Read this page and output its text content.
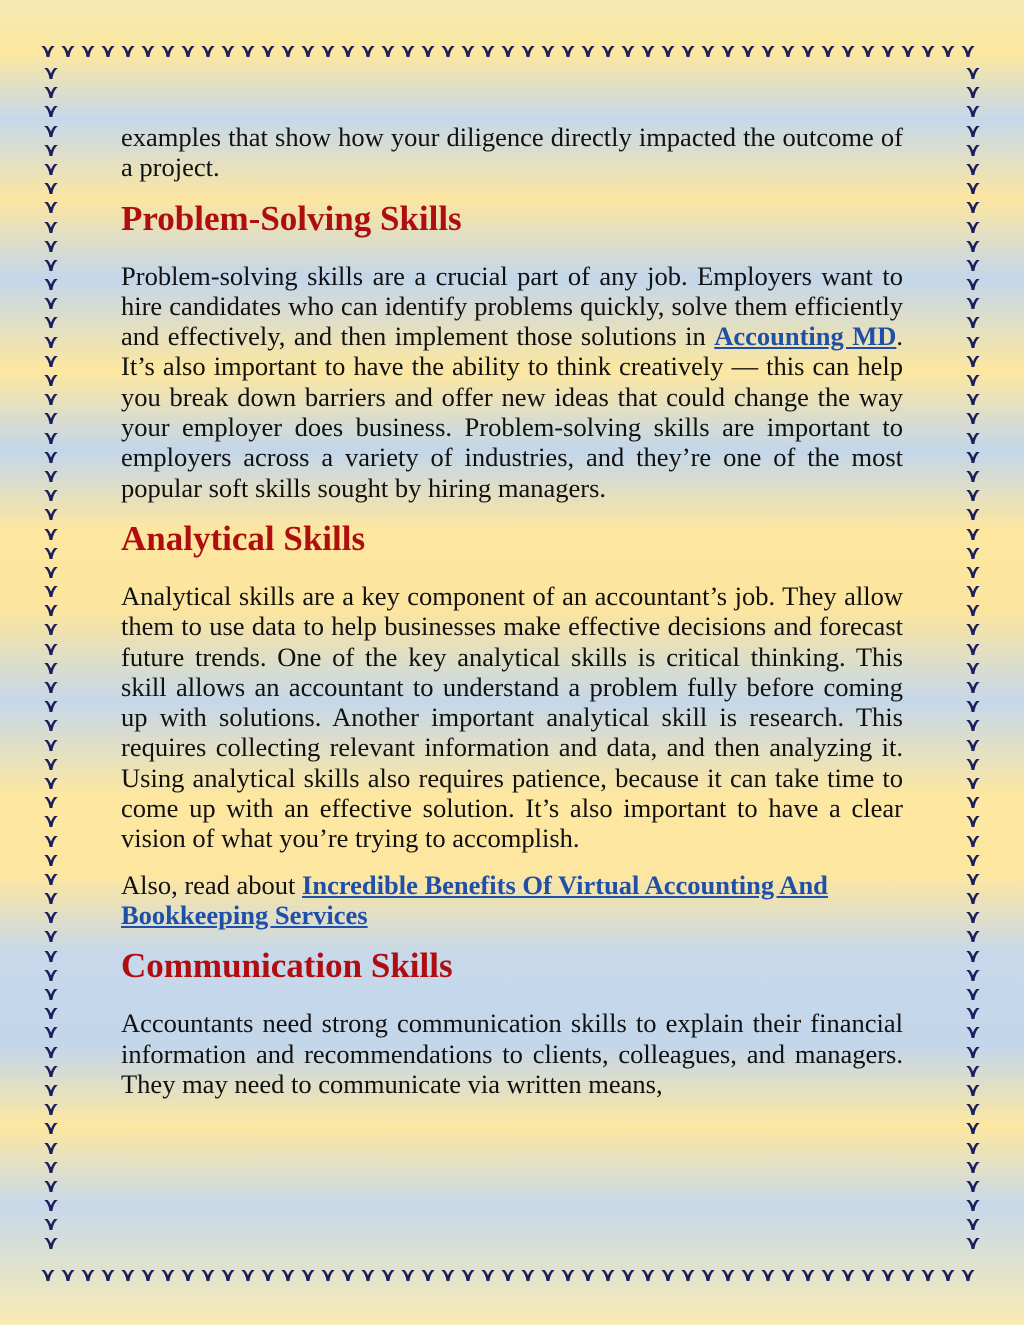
⋎ ⋎ ⋎ ⋎ ⋎ ⋎ ⋎ ⋎ ⋎ ⋎ ⋎ ⋎ ⋎ ⋎ ⋎ ⋎ ⋎ ⋎ ⋎ ⋎ ⋎ ⋎ ⋎ ⋎ ⋎ ⋎ ⋎ ⋎ ⋎ ⋎ ⋎ ⋎ ⋎ ⋎ ⋎ ⋎ ⋎ ⋎ ⋎ ⋎ ⋎ ⋎ ⋎ ⋎ ⋎ ⋎ ⋎
⋎ ⋎ ⋎ ⋎ ⋎ ⋎ ⋎ ⋎ ⋎ ⋎ ⋎ ⋎ ⋎ ⋎ ⋎ ⋎ ⋎ ⋎ ⋎ ⋎ ⋎ ⋎ ⋎ ⋎ ⋎ ⋎ ⋎ ⋎ ⋎ ⋎ ⋎ ⋎ ⋎ ⋎ ⋎ ⋎ ⋎ ⋎ ⋎ ⋎ ⋎ ⋎ ⋎ ⋎ ⋎ ⋎ ⋎
⋎
⋎
⋎
⋎
⋎
⋎
⋎
⋎
⋎
⋎
⋎
⋎
⋎
⋎
⋎
⋎
⋎
⋎
⋎
⋎
⋎
⋎
⋎
⋎
⋎
⋎
⋎
⋎
⋎
⋎
⋎
⋎
⋎
⋎
⋎
⋎
⋎
⋎
⋎
⋎
⋎
⋎
⋎
⋎
⋎
⋎
⋎
⋎
⋎
⋎
⋎
⋎
⋎
⋎
⋎
⋎
⋎
⋎
⋎
⋎
⋎
⋎
⋎
⋎
⋎
⋎
⋎
⋎
⋎
⋎
⋎
⋎
⋎
⋎
⋎
⋎
⋎
⋎
⋎
⋎
⋎
⋎
⋎
⋎
⋎
⋎
⋎
⋎
⋎
⋎
⋎
⋎
⋎
⋎
⋎
⋎
⋎
⋎
⋎
⋎
⋎
⋎
⋎
⋎
⋎
⋎
⋎
⋎
⋎
⋎
⋎
⋎
⋎
⋎
⋎
⋎
⋎
⋎
⋎
⋎
⋎
⋎
⋎
⋎

examples that show how your diligence directly impacted the outcome of a project.

Problem-Solving Skills

Problem-solving skills are a crucial part of any job. Employers want to hire candidates who can identify problems quickly, solve them efficiently and effectively, and then implement those solutions in Accounting MD. It’s also important to have the ability to think creatively — this can help you break down barriers and offer new ideas that could change the way your employer does business. Problem-solving skills are important to employers across a variety of industries, and they’re one of the most popular soft skills sought by hiring managers.

Analytical Skills

Analytical skills are a key component of an accountant’s job. They allow them to use data to help businesses make effective decisions and forecast future trends. One of the key analytical skills is critical thinking. This skill allows an accountant to understand a problem fully before coming up with solutions. Another important analytical skill is research. This requires collecting relevant information and data, and then analyzing it. Using analytical skills also requires patience, because it can take time to come up with an effective solution. It’s also important to have a clear vision of what you’re trying to accomplish.

Also, read about Incredible Benefits Of Virtual Accounting And Bookkeeping Services

Communication Skills

Accountants need strong communication skills to explain their financial information and recommendations to clients, colleagues, and managers. They may need to communicate via written means,
